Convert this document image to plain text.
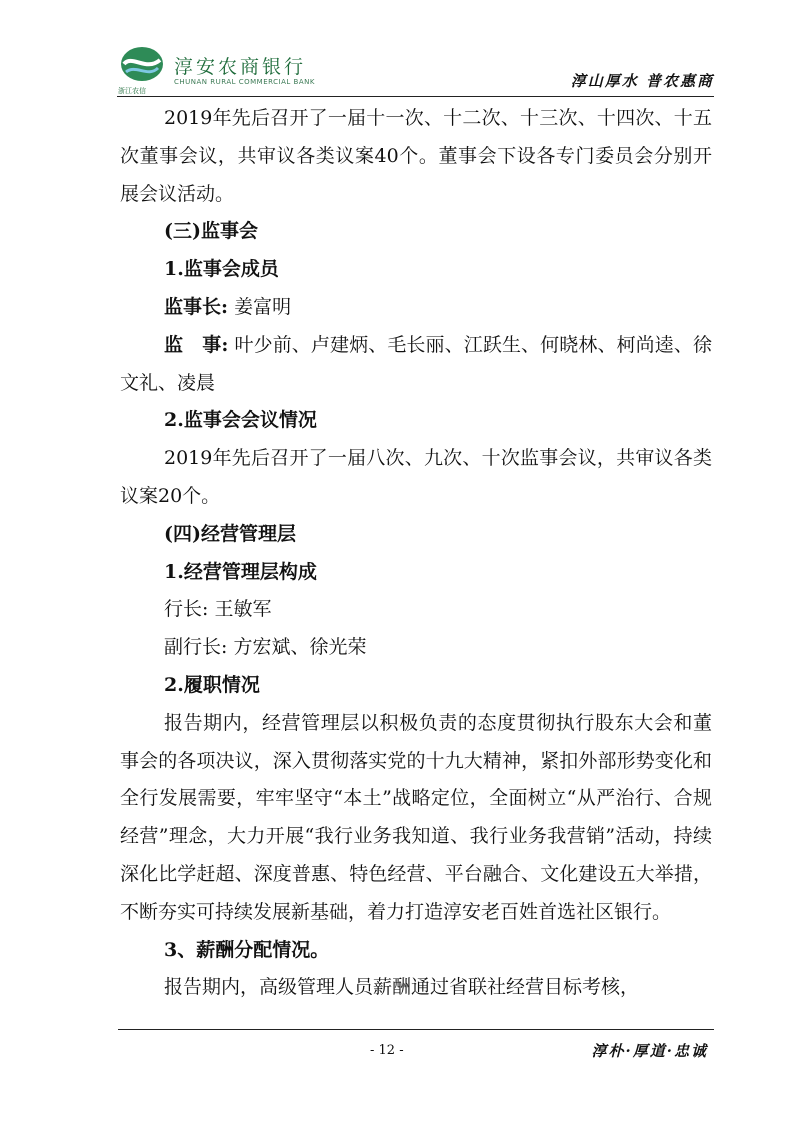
浙江农信
淳安农商银行
CHUNAN RURAL COMMERCIAL BANK	淳山厚水 普农惠商

2019年先后召开了一届十一次、十二次、十三次、十四次、十五次董事会议，共审议各类议案40个。董事会下设各专门委员会分别开展会议活动。

(三)监事会

1.监事会成员

监事长: 姜富明

监　事: 叶少前、卢建炳、毛长丽、江跃生、何晓林、柯尚逵、徐文礼、凌晨

2.监事会会议情况

2019年先后召开了一届八次、九次、十次监事会议，共审议各类议案20个。

(四)经营管理层

1.经营管理层构成

行长: 王敏军

副行长: 方宏斌、徐光荣

2.履职情况

报告期内，经营管理层以积极负责的态度贯彻执行股东大会和董事会的各项决议，深入贯彻落实党的十九大精神，紧扣外部形势变化和全行发展需要，牢牢坚守“本土”战略定位，全面树立“从严治行、合规经营”理念，大力开展“我行业务我知道、我行业务我营销”活动，持续深化比学赶超、深度普惠、特色经营、平台融合、文化建设五大举措，不断夯实可持续发展新基础，着力打造淳安老百姓首选社区银行。

3、薪酬分配情况。

报告期内，高级管理人员薪酬通过省联社经营目标考核，

- 12 -	淳朴·厚道·忠诚
